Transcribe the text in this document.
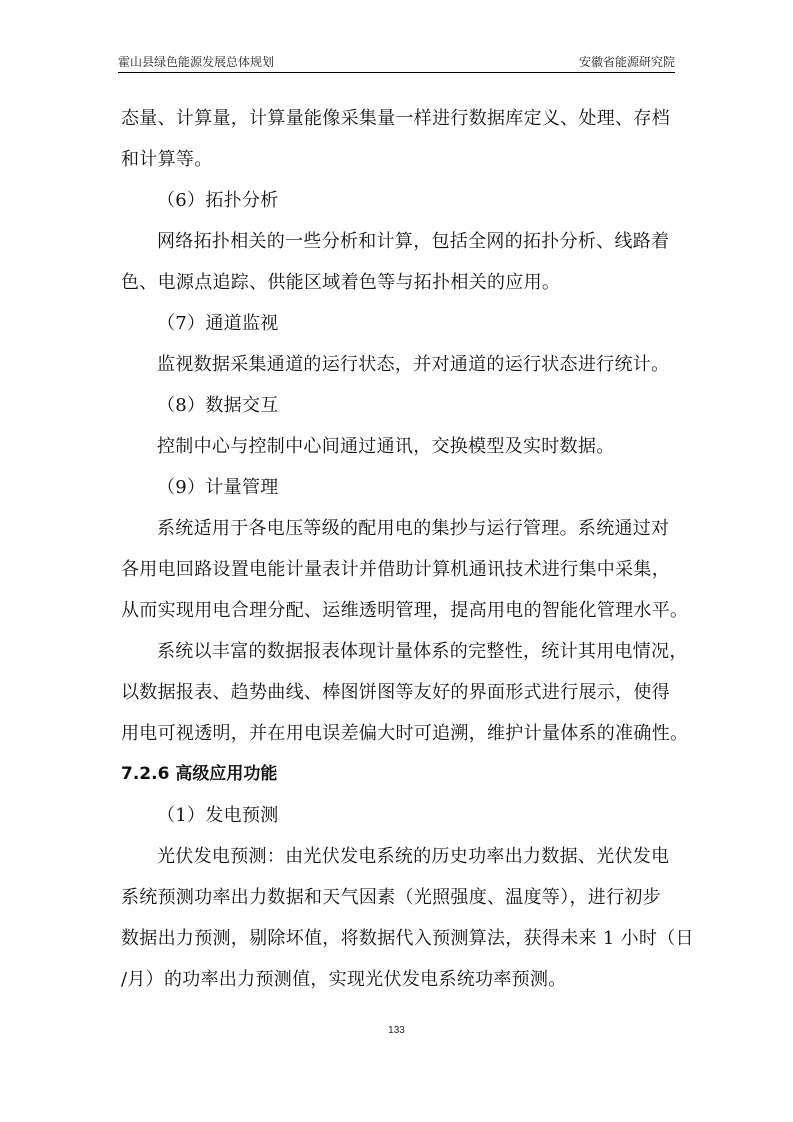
霍山县绿色能源发展总体规划	安徽省能源研究院

态量、计算量，计算量能像采集量一样进行数据库定义、处理、存档

和计算等。

（6）拓扑分析

网络拓扑相关的一些分析和计算，包括全网的拓扑分析、线路着

色、电源点追踪、供能区域着色等与拓扑相关的应用。

（7）通道监视

监视数据采集通道的运行状态，并对通道的运行状态进行统计。

（8）数据交互

控制中心与控制中心间通过通讯，交换模型及实时数据。

（9）计量管理

系统适用于各电压等级的配用电的集抄与运行管理。系统通过对

各用电回路设置电能计量表计并借助计算机通讯技术进行集中采集，

从而实现用电合理分配、运维透明管理，提高用电的智能化管理水平。

系统以丰富的数据报表体现计量体系的完整性，统计其用电情况，

以数据报表、趋势曲线、棒图饼图等友好的界面形式进行展示，使得

用电可视透明，并在用电误差偏大时可追溯，维护计量体系的准确性。

7.2.6 高级应用功能

（1）发电预测

光伏发电预测：由光伏发电系统的历史功率出力数据、光伏发电

系统预测功率出力数据和天气因素（光照强度、温度等），进行初步

数据出力预测，剔除坏值，将数据代入预测算法，获得未来 1 小时（日

/月）的功率出力预测值，实现光伏发电系统功率预测。

133
